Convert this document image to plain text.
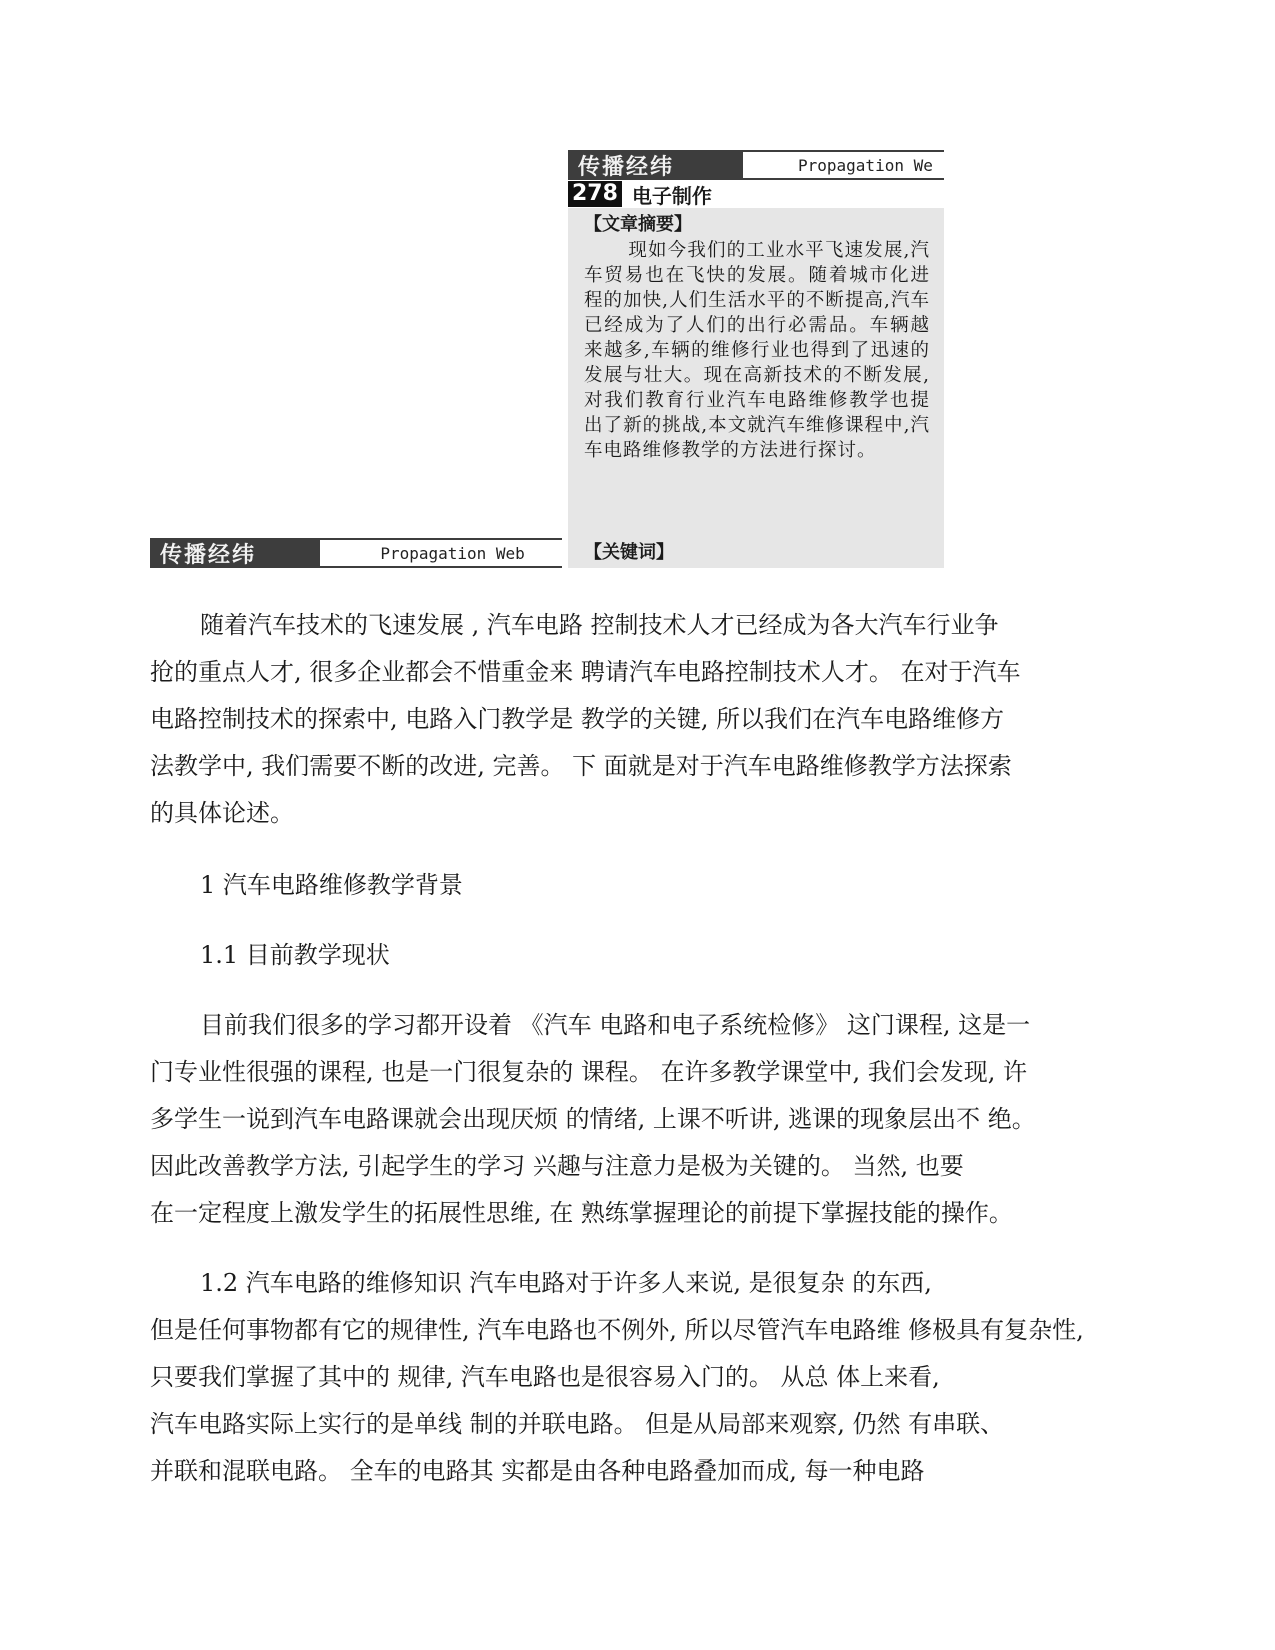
传播经纬	Propagation We
278 电子制作
【文章摘要】
现如今我们的工业水平飞速发展,汽车贸易也在飞快的发展。随着城市化进程的加快,人们生活水平的不断提高,汽车已经成为了人们的出行必需品。车辆越来越多,车辆的维修行业也得到了迅速的发展与壮大。现在高新技术的不断发展,对我们教育行业汽车电路维修教学也提出了新的挑战,本文就汽车维修课程中,汽车电路维修教学的方法进行探讨。
【关键词】
传播经纬	Propagation Web
随着汽车技术的飞速发展 , 汽车电路 控制技术人才已经成为各大汽车行业争
抢的重点人才, 很多企业都会不惜重金来 聘请汽车电路控制技术人才。 在对于汽车
电路控制技术的探索中, 电路入门教学是 教学的关键, 所以我们在汽车电路维修方
法教学中, 我们需要不断的改进, 完善。 下 面就是对于汽车电路维修教学方法探索
的具体论述。
1 汽车电路维修教学背景
1.1 目前教学现状
目前我们很多的学习都开设着 《汽车 电路和电子系统检修》 这门课程, 这是一
门专业性很强的课程, 也是一门很复杂的 课程。 在许多教学课堂中, 我们会发现, 许
多学生一说到汽车电路课就会出现厌烦 的情绪, 上课不听讲, 逃课的现象层出不 绝。
因此改善教学方法, 引起学生的学习 兴趣与注意力是极为关键的。 当然, 也要
在一定程度上激发学生的拓展性思维, 在 熟练掌握理论的前提下掌握技能的操作。
1.2 汽车电路的维修知识 汽车电路对于许多人来说, 是很复杂 的东西,
但是任何事物都有它的规律性, 汽车电路也不例外, 所以尽管汽车电路维 修极具有复杂性,
只要我们掌握了其中的 规律, 汽车电路也是很容易入门的。 从总 体上来看,
汽车电路实际上实行的是单线 制的并联电路。 但是从局部来观察, 仍然 有串联、
并联和混联电路。 全车的电路其 实都是由各种电路叠加而成, 每一种电路
